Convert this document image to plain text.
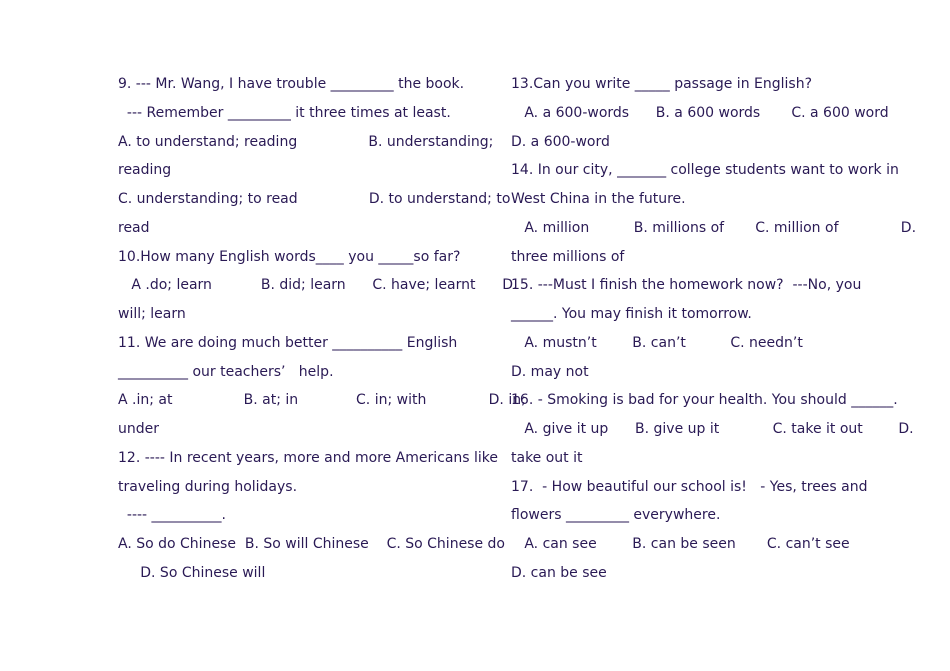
9. --- Mr. Wang, I have trouble _________ the book.
--- Remember _________ it three times at least.
A. to understand; reading                B. understanding;
reading
C. understanding; to read                D. to understand; to
read
10.How many English words____ you _____so far?
A .do; learn           B. did; learn      C. have; learnt      D.
will; learn
11. We are doing much better __________ English
__________ our teachers’   help.
A .in; at                B. at; in             C. in; with              D. in;
under
12. ---- In recent years, more and more Americans like
traveling during holidays.
---- __________.
A. So do Chinese  B. So will Chinese    C. So Chinese do
D. So Chinese will
13.Can you write _____ passage in English?
A. a 600-words      B. a 600 words       C. a 600 word
D. a 600-word
14. In our city, _______ college students want to work in
West China in the future.
A. million          B. millions of       C. million of              D.
three millions of
15. ---Must I finish the homework now?  ---No, you
______. You may finish it tomorrow.
A. mustn’t        B. can’t          C. needn’t
D. may not
16. - Smoking is bad for your health. You should ______.
A. give it up      B. give up it            C. take it out        D.
take out it
17.  - How beautiful our school is!   - Yes, trees and
flowers _________ everywhere.
A. can see        B. can be seen       C. can’t see
D. can be see
